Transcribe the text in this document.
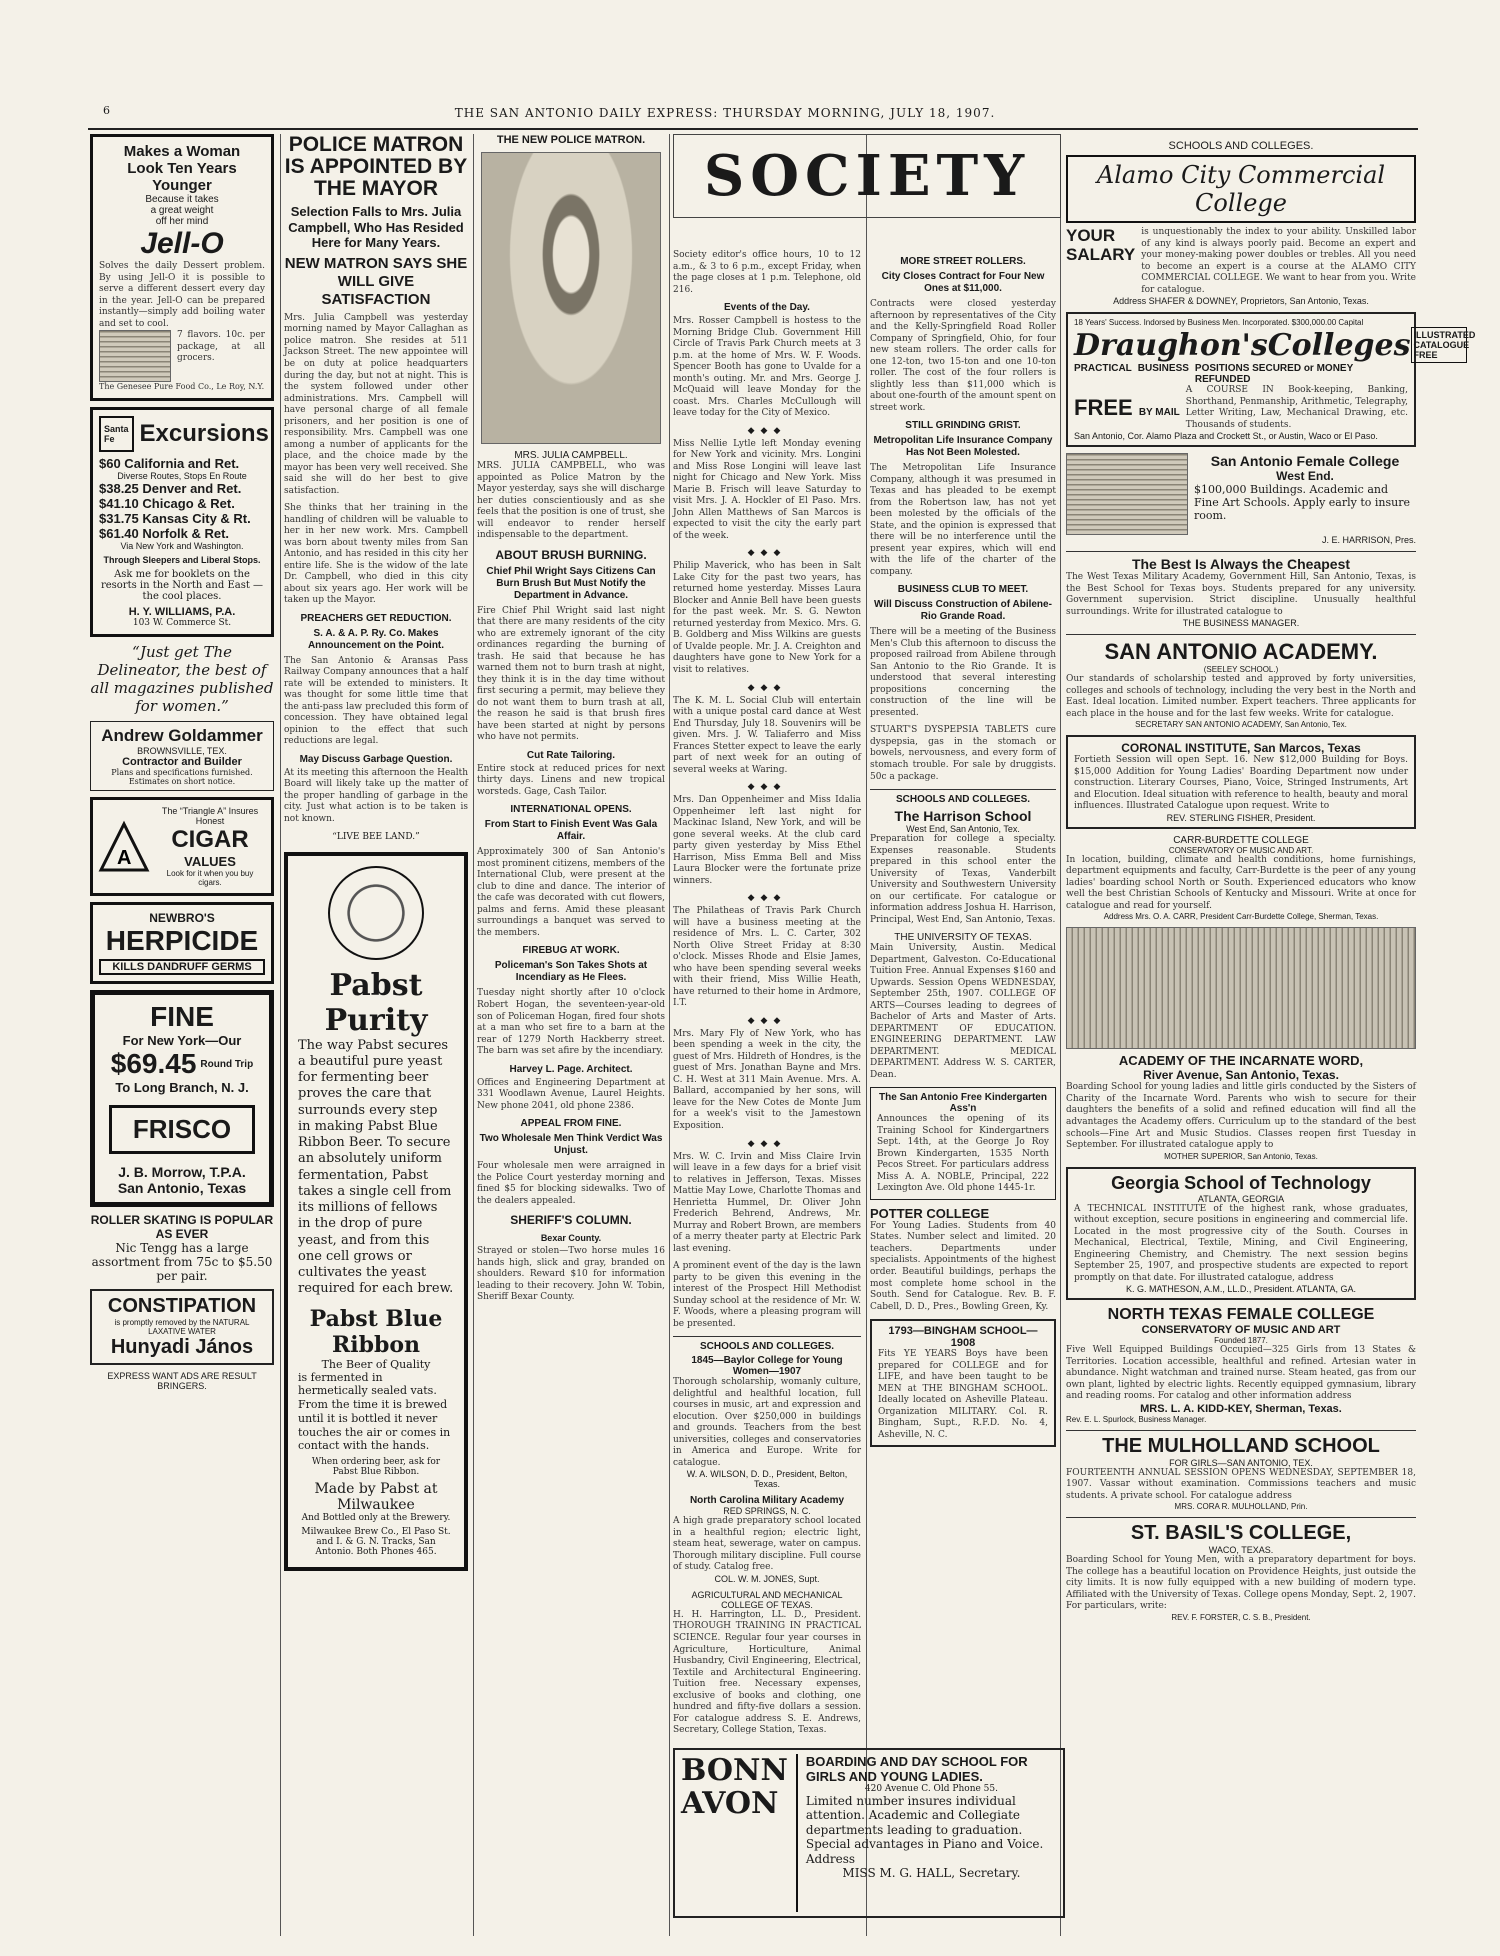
6	THE SAN ANTONIO DAILY EXPRESS: THURSDAY MORNING, JULY 18, 1907.
Makes a Woman
Look Ten Years
Younger
Because it takes
a great weight
off her mind
Jell-O
Solves the daily Dessert problem. By using Jell-O it is possible to serve a different dessert every day in the year. Jell-O can be prepared instantly—simply add boiling water and set to cool.
7 flavors. 10c. per package, at all grocers.
The Genesee Pure Food Co., Le Roy, N.Y.
Santa Fe	Excursions
$60 California and Ret.
Diverse Routes, Stops En Route
$38.25 Denver and Ret.
$41.10 Chicago & Ret.
$31.75 Kansas City & Rt.
$61.40 Norfolk & Ret.
Via New York and Washington.
Through Sleepers and Liberal Stops.
Ask me for booklets on the resorts in the North and East —the cool places.
H. Y. WILLIAMS, P.A.
103 W. Commerce St.
“Just get The Delineator, the best of all magazines published for women.”
Andrew Goldammer
BROWNSVILLE, TEX.
Contractor and Builder
Plans and specifications furnished. Estimates on short notice.
A
The “Triangle A” Insures Honest
CIGAR
VALUES
Look for it when you buy cigars.
NEWBRO'S
HERPICIDE
KILLS DANDRUFF GERMS
FINE
For New York—Our
$69.45 Round Trip
To Long Branch, N. J.
FRISCO
J. B. Morrow, T.P.A.
San Antonio, Texas
ROLLER SKATING IS POPULAR AS EVER
Nic Tengg has a large assortment from 75c to $5.50 per pair.
CONSTIPATION
is promptly removed by the NATURAL LAXATIVE WATER
Hunyadi János
EXPRESS WANT ADS ARE RESULT BRINGERS.
POLICE MATRON IS APPOINTED BY THE MAYOR
Selection Falls to Mrs. Julia Campbell, Who Has Resided Here for Many Years.
NEW MATRON SAYS SHE WILL GIVE SATISFACTION
Mrs. Julia Campbell was yesterday morning named by Mayor Callaghan as police matron. She resides at 511 Jackson Street. The new appointee will be on duty at police headquarters during the day, but not at night. This is the system followed under other administrations. Mrs. Campbell will have personal charge of all female prisoners, and her position is one of responsibility. Mrs. Campbell was one among a number of applicants for the place, and the choice made by the mayor has been very well received. She said she will do her best to give satisfaction.
She thinks that her training in the handling of children will be valuable to her in her new work. Mrs. Campbell was born about twenty miles from San Antonio, and has resided in this city her entire life. She is the widow of the late Dr. Campbell, who died in this city about six years ago. Her work will be taken up the Mayor.
PREACHERS GET REDUCTION.
S. A. & A. P. Ry. Co. Makes Announcement on the Point.
The San Antonio & Aransas Pass Railway Company announces that a half rate will be extended to ministers. It was thought for some little time that the anti-pass law precluded this form of concession. They have obtained legal opinion to the effect that such reductions are legal.
May Discuss Garbage Question.
At its meeting this afternoon the Health Board will likely take up the matter of the proper handling of garbage in the city. Just what action is to be taken is not known.
“LIVE BEE LAND.”
Pabst Purity
The way Pabst secures a beautiful pure yeast for fermenting beer proves the care that surrounds every step in making Pabst Blue Ribbon Beer. To secure an absolutely uniform fermentation, Pabst takes a single cell from its millions of fellows in the drop of pure yeast, and from this one cell grows or cultivates the yeast required for each brew.
Pabst Blue Ribbon
The Beer of Quality
is fermented in hermetically sealed vats. From the time it is brewed until it is bottled it never touches the air or comes in contact with the hands.
When ordering beer, ask for Pabst Blue Ribbon.
Made by Pabst at Milwaukee
And Bottled only at the Brewery.
Milwaukee Brew Co., El Paso St. and I. & G. N. Tracks, San Antonio. Both Phones 465.
THE NEW POLICE MATRON.
MRS. JULIA CAMPBELL.
MRS. JULIA CAMPBELL, who was appointed as Police Matron by the Mayor yesterday, says she will discharge her duties conscientiously and as she feels that the position is one of trust, she will endeavor to render herself indispensable to the department.
ABOUT BRUSH BURNING.
Chief Phil Wright Says Citizens Can Burn Brush But Must Notify the Department in Advance.
Fire Chief Phil Wright said last night that there are many residents of the city who are extremely ignorant of the city ordinances regarding the burning of trash. He said that because he has warned them not to burn trash at night, they think it is in the day time without first securing a permit, may believe they do not want them to burn trash at all, the reason he said is that brush fires have been started at night by persons who have not permits.
Cut Rate Tailoring.
Entire stock at reduced prices for next thirty days. Linens and new tropical worsteds. Gage, Cash Tailor.
INTERNATIONAL OPENS.
From Start to Finish Event Was Gala Affair.
Approximately 300 of San Antonio's most prominent citizens, members of the International Club, were present at the club to dine and dance. The interior of the cafe was decorated with cut flowers, palms and ferns. Amid these pleasant surroundings a banquet was served to the members.
FIREBUG AT WORK.
Policeman's Son Takes Shots at Incendiary as He Flees.
Tuesday night shortly after 10 o'clock Robert Hogan, the seventeen-year-old son of Policeman Hogan, fired four shots at a man who set fire to a barn at the rear of 1279 North Hackberry street. The barn was set afire by the incendiary.
Harvey L. Page. Architect.
Offices and Engineering Department at 331 Woodlawn Avenue, Laurel Heights. New phone 2041, old phone 2386.
APPEAL FROM FINE.
Two Wholesale Men Think Verdict Was Unjust.
Four wholesale men were arraigned in the Police Court yesterday morning and fined $5 for blocking sidewalks. Two of the dealers appealed.
SHERIFF'S COLUMN.
Bexar County.
Strayed or stolen—Two horse mules 16 hands high, slick and gray, branded on shoulders. Reward $10 for information leading to their recovery. John W. Tobin, Sheriff Bexar County.
SOCIETY
Society editor's office hours, 10 to 12 a.m., & 3 to 6 p.m., except Friday, when the page closes at 1 p.m. Telephone, old 216.
Events of the Day.
Mrs. Rosser Campbell is hostess to the Morning Bridge Club. Government Hill Circle of Travis Park Church meets at 3 p.m. at the home of Mrs. W. F. Woods. Spencer Booth has gone to Uvalde for a month's outing. Mr. and Mrs. George J. McQuaid will leave Monday for the coast. Mrs. Charles McCullough will leave today for the City of Mexico.
◆◆◆
Miss Nellie Lytle left Monday evening for New York and vicinity. Mrs. Longini and Miss Rose Longini will leave last night for Chicago and New York. Miss Marie B. Frisch will leave Saturday to visit Mrs. J. A. Hockler of El Paso. Mrs. John Allen Matthews of San Marcos is expected to visit the city the early part of the week.
◆◆◆
Philip Maverick, who has been in Salt Lake City for the past two years, has returned home yesterday. Misses Laura Blocker and Annie Bell have been guests for the past week. Mr. S. G. Newton returned yesterday from Mexico. Mrs. G. B. Goldberg and Miss Wilkins are guests of Uvalde people. Mr. J. A. Creighton and daughters have gone to New York for a visit to relatives.
◆◆◆
The K. M. L. Social Club will entertain with a unique postal card dance at West End Thursday, July 18. Souvenirs will be given. Mrs. J. W. Taliaferro and Miss Frances Stetter expect to leave the early part of next week for an outing of several weeks at Waring.
◆◆◆
Mrs. Dan Oppenheimer and Miss Idalia Oppenheimer left last night for Mackinac Island, New York, and will be gone several weeks. At the club card party given yesterday by Miss Ethel Harrison, Miss Emma Bell and Miss Laura Blocker were the fortunate prize winners.
◆◆◆
The Philatheas of Travis Park Church will have a business meeting at the residence of Mrs. L. C. Carter, 302 North Olive Street Friday at 8:30 o'clock. Misses Rhode and Elsie James, who have been spending several weeks with their friend, Miss Willie Heath, have returned to their home in Ardmore, I.T.
◆◆◆
Mrs. Mary Fly of New York, who has been spending a week in the city, the guest of Mrs. Hildreth of Hondres, is the guest of Mrs. Jonathan Bayne and Mrs. C. H. West at 311 Main Avenue. Mrs. A. Ballard, accompanied by her sons, will leave for the New Cotes de Monte Jum for a week's visit to the Jamestown Exposition.
◆◆◆
Mrs. W. C. Irvin and Miss Claire Irvin will leave in a few days for a brief visit to relatives in Jefferson, Texas. Misses Mattie May Lowe, Charlotte Thomas and Henrietta Hummel, Dr. Oliver John Frederich Behrend, Andrews, Mr. Murray and Robert Brown, are members of a merry theater party at Electric Park last evening.
A prominent event of the day is the lawn party to be given this evening in the interest of the Prospect Hill Methodist Sunday school at the residence of Mr. W. F. Woods, where a pleasing program will be presented.
SCHOOLS AND COLLEGES.
1845—Baylor College for Young Women—1907
Thorough scholarship, womanly culture, delightful and healthful location, full courses in music, art and expression and elocution. Over $250,000 in buildings and grounds. Teachers from the best universities, colleges and conservatories in America and Europe. Write for catalogue.
W. A. WILSON, D. D., President, Belton, Texas.
North Carolina Military Academy
RED SPRINGS, N. C.
A high grade preparatory school located in a healthful region; electric light, steam heat, sewerage, water on campus. Thorough military discipline. Full course of study. Catalog free.
COL. W. M. JONES, Supt.
AGRICULTURAL AND MECHANICAL COLLEGE OF TEXAS.
H. H. Harrington, LL. D., President. THOROUGH TRAINING IN PRACTICAL SCIENCE. Regular four year courses in Agriculture, Horticulture, Animal Husbandry, Civil Engineering, Electrical, Textile and Architectural Engineering. Tuition free. Necessary expenses, exclusive of books and clothing, one hundred and fifty-five dollars a session. For catalogue address S. E. Andrews, Secretary, College Station, Texas.
MORE STREET ROLLERS.
City Closes Contract for Four New Ones at $11,000.
Contracts were closed yesterday afternoon by representatives of the City and the Kelly-Springfield Road Roller Company of Springfield, Ohio, for four new steam rollers. The order calls for one 12-ton, two 15-ton and one 10-ton roller. The cost of the four rollers is slightly less than $11,000 which is about one-fourth of the amount spent on street work.
STILL GRINDING GRIST.
Metropolitan Life Insurance Company Has Not Been Molested.
The Metropolitan Life Insurance Company, although it was presumed in Texas and has pleaded to be exempt from the Robertson law, has not yet been molested by the officials of the State, and the opinion is expressed that there will be no interference until the present year expires, which will end with the life of the charter of the company.
BUSINESS CLUB TO MEET.
Will Discuss Construction of Abilene-Rio Grande Road.
There will be a meeting of the Business Men's Club this afternoon to discuss the proposed railroad from Abilene through San Antonio to the Rio Grande. It is understood that several interesting propositions concerning the construction of the line will be presented.
STUART'S DYSPEPSIA TABLETS cure dyspepsia, gas in the stomach or bowels, nervousness, and every form of stomach trouble. For sale by druggists. 50c a package.
SCHOOLS AND COLLEGES.
The Harrison School
West End, San Antonio, Tex.
Preparation for college a specialty. Expenses reasonable. Students prepared in this school enter the University of Texas, Vanderbilt University and Southwestern University on our certificate. For catalogue or information address Joshua H. Harrison, Principal, West End, San Antonio, Texas.
THE UNIVERSITY OF TEXAS.
Main University, Austin. Medical Department, Galveston. Co-Educational Tuition Free. Annual Expenses $160 and Upwards. Session Opens WEDNESDAY, September 25th, 1907. COLLEGE OF ARTS—Courses leading to degrees of Bachelor of Arts and Master of Arts. DEPARTMENT OF EDUCATION. ENGINEERING DEPARTMENT. LAW DEPARTMENT. MEDICAL DEPARTMENT. Address W. S. CARTER, Dean.
The San Antonio Free Kindergarten Ass'n
Announces the opening of its Training School for Kindergartners Sept. 14th, at the George Jo Roy Brown Kindergarten, 1535 North Pecos Street. For particulars address Miss A. A. NOBLE, Principal, 222 Lexington Ave. Old phone 1445-1r.
POTTER COLLEGE
For Young Ladies. Students from 40 States. Number select and limited. 20 teachers. Departments under specialists. Appointments of the highest order. Beautiful buildings, perhaps the most complete home school in the South. Send for Catalogue. Rev. B. F. Cabell, D. D., Pres., Bowling Green, Ky.
1793—BINGHAM SCHOOL—1908
Fits YE YEARS Boys have been prepared for COLLEGE and for LIFE, and have been taught to be MEN at THE BINGHAM SCHOOL. Ideally located on Asheville Plateau. Organization MILITARY. Col. R. Bingham, Supt., R.F.D. No. 4, Asheville, N. C.
BONN
AVON
BOARDING AND DAY SCHOOL FOR GIRLS AND YOUNG LADIES.
420 Avenue C. Old Phone 55.
Limited number insures individual attention. Academic and Collegiate departments leading to graduation. Special advantages in Piano and Voice. Address
MISS M. G. HALL, Secretary.
SCHOOLS AND COLLEGES.
Alamo City Commercial College
YOUR
SALARY
is unquestionably the index to your ability. Unskilled labor of any kind is always poorly paid. Become an expert and your money-making power doubles or trebles. All you need to become an expert is a course at the ALAMO CITY COMMERCIAL COLLEGE. We want to hear from you. Write for catalogue.
Address SHAFER & DOWNEY, Proprietors, San Antonio, Texas.
18 Years' Success. Indorsed by Business Men. Incorporated. $300,000.00 Capital
Draughon's Colleges ILLUSTRATED CATALOGUE FREE
PRACTICAL BUSINESS POSITIONS SECURED or MONEY REFUNDED
FREE BY MAIL
A COURSE IN Book-keeping, Banking, Shorthand, Penmanship, Arithmetic, Telegraphy, Letter Writing, Law, Mechanical Drawing, etc. Thousands of students.
San Antonio, Cor. Alamo Plaza and Crockett St., or Austin, Waco or El Paso.
San Antonio Female College
West End.
$100,000 Buildings. Academic and Fine Art Schools. Apply early to insure room.
J. E. HARRISON, Pres.
The Best Is Always the Cheapest
The West Texas Military Academy, Government Hill, San Antonio, Texas, is the Best School for Texas boys. Students prepared for any university. Government supervision. Strict discipline. Unusually healthful surroundings. Write for illustrated catalogue to
THE BUSINESS MANAGER.
SAN ANTONIO ACADEMY.
(SEELEY SCHOOL.)
Our standards of scholarship tested and approved by forty universities, colleges and schools of technology, including the very best in the North and East. Ideal location. Limited number. Expert teachers. Three applicants for each place in the house and for the last few weeks. Write for catalogue.
SECRETARY SAN ANTONIO ACADEMY, San Antonio, Tex.
CORONAL INSTITUTE, San Marcos, Texas
Fortieth Session will open Sept. 16. New $12,000 Building for Boys. $15,000 Addition for Young Ladies' Boarding Department now under construction. Literary Courses, Piano, Voice, Stringed Instruments, Art and Elocution. Ideal situation with reference to health, beauty and moral influences. Illustrated Catalogue upon request. Write to
REV. STERLING FISHER, President.
CARR-BURDETTE COLLEGE
CONSERVATORY OF MUSIC AND ART.
In location, building, climate and health conditions, home furnishings, department equipments and faculty, Carr-Burdette is the peer of any young ladies' boarding school North or South. Experienced educators who know well the best Christian Schools of Kentucky and Missouri. Write at once for catalogue and read for yourself.
Address Mrs. O. A. CARR, President Carr-Burdette College, Sherman, Texas.
ACADEMY OF THE INCARNATE WORD,
River Avenue, San Antonio, Texas.
Boarding School for young ladies and little girls conducted by the Sisters of Charity of the Incarnate Word. Parents who wish to secure for their daughters the benefits of a solid and refined education will find all the advantages the Academy offers. Curriculum up to the standard of the best schools—Fine Art and Music Studios. Classes reopen first Tuesday in September. For illustrated catalogue apply to
MOTHER SUPERIOR, San Antonio, Texas.
Georgia School of Technology
ATLANTA, GEORGIA
A TECHNICAL INSTITUTE of the highest rank, whose graduates, without exception, secure positions in engineering and commercial life. Located in the most progressive city of the South. Courses in Mechanical, Electrical, Textile, Mining, and Civil Engineering, Engineering Chemistry, and Chemistry. The next session begins September 25, 1907, and prospective students are expected to report promptly on that date. For illustrated catalogue, address
K. G. MATHESON, A.M., LL.D., President. ATLANTA, GA.
NORTH TEXAS FEMALE COLLEGE
CONSERVATORY OF MUSIC AND ART
Founded 1877.
Five Well Equipped Buildings Occupied—325 Girls from 13 States & Territories. Location accessible, healthful and refined. Artesian water in abundance. Night watchman and trained nurse. Steam heated, gas from our own plant, lighted by electric lights. Recently equipped gymnasium, library and reading rooms. For catalog and other information address
MRS. L. A. KIDD-KEY, Sherman, Texas.
Rev. E. L. Spurlock, Business Manager.
THE MULHOLLAND SCHOOL
FOR GIRLS—SAN ANTONIO, TEX.
FOURTEENTH ANNUAL SESSION OPENS WEDNESDAY, SEPTEMBER 18, 1907. Vassar without examination. Commissions teachers and music students. A private school. For catalogue address
MRS. CORA R. MULHOLLAND, Prin.
ST. BASIL'S COLLEGE,
WACO, TEXAS.
Boarding School for Young Men, with a preparatory department for boys. The college has a beautiful location on Providence Heights, just outside the city limits. It is now fully equipped with a new building of modern type. Affiliated with the University of Texas. College opens Monday, Sept. 2, 1907. For particulars, write:
REV. F. FORSTER, C. S. B., President.
